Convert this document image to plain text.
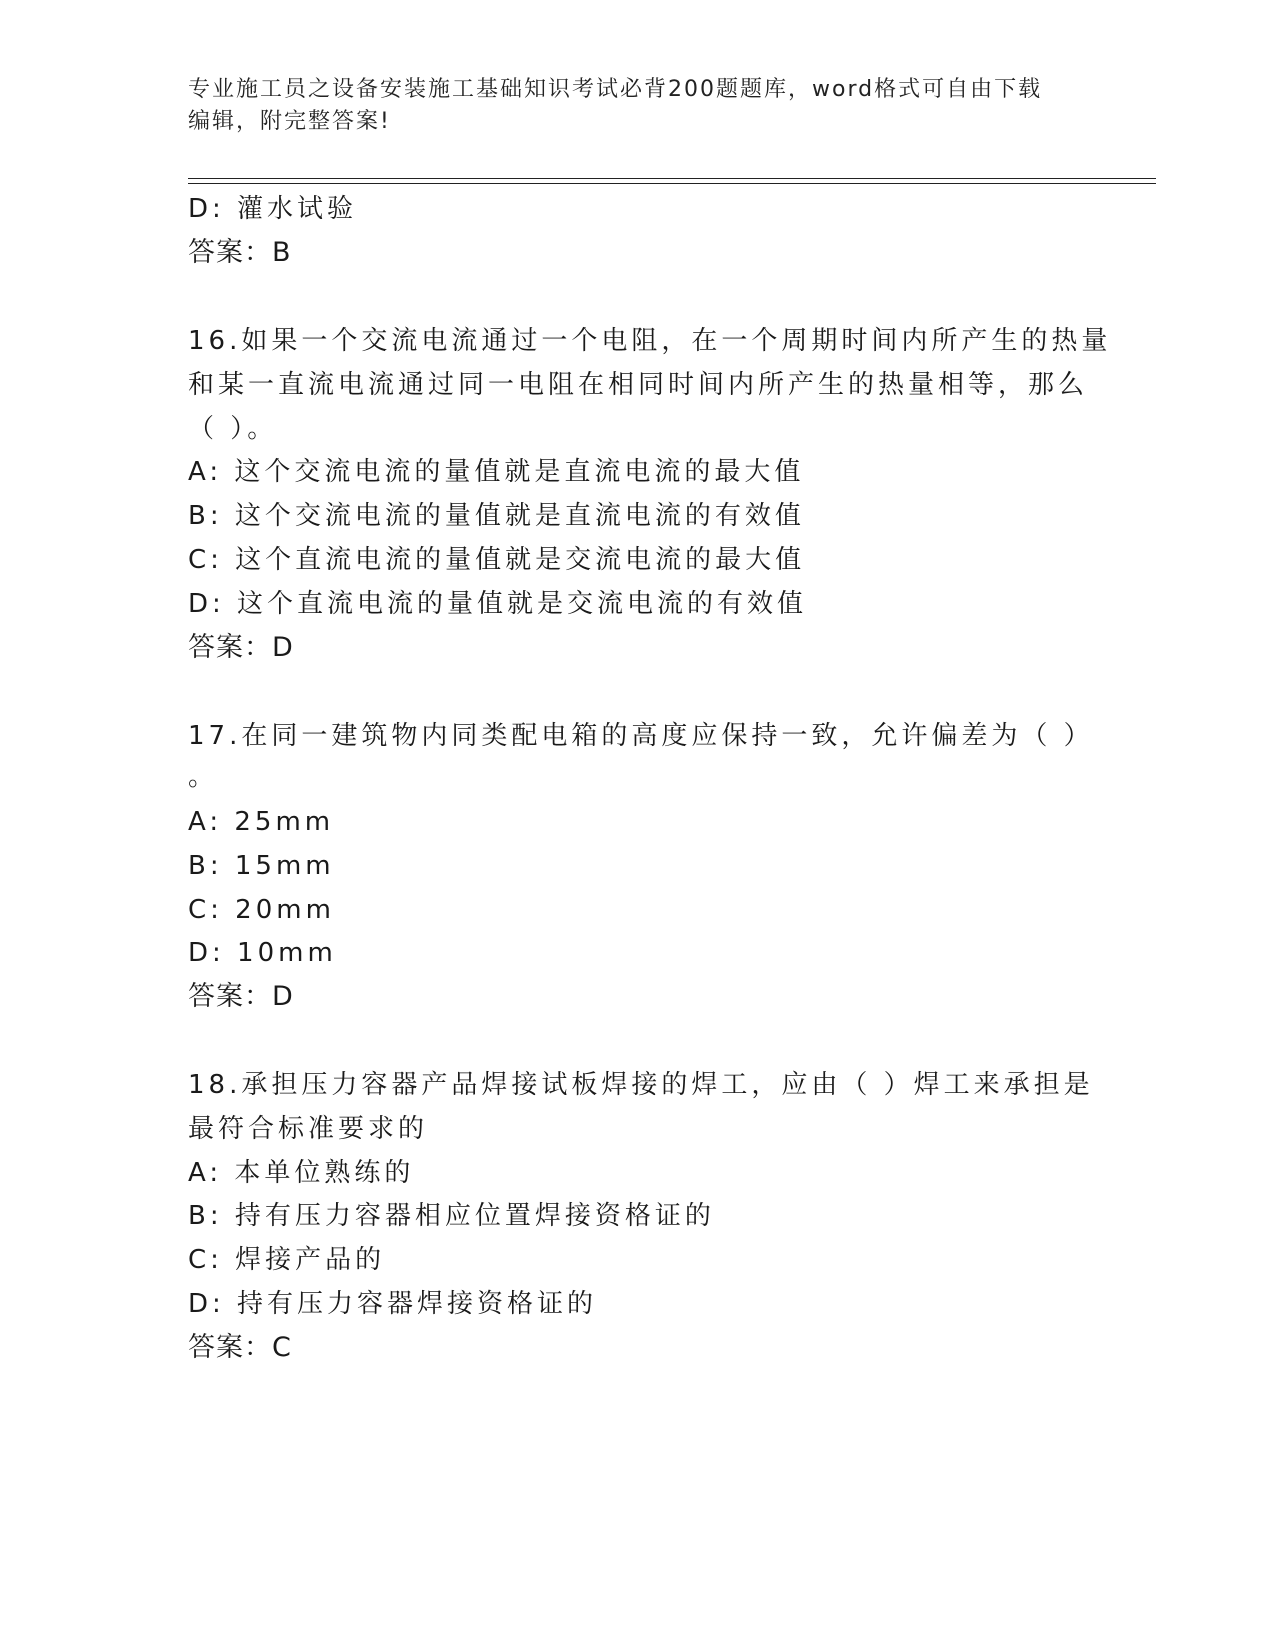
专业施工员之设备安装施工基础知识考试必背200题题库，word格式可自由下载
编辑，附完整答案!
D: 灌水试验
答案：B
16.如果一个交流电流通过一个电阻，在一个周期时间内所产生的热量
和某一直流电流通过同一电阻在相同时间内所产生的热量相等，那么
（ ）。
A: 这个交流电流的量值就是直流电流的最大值
B: 这个交流电流的量值就是直流电流的有效值
C: 这个直流电流的量值就是交流电流的最大值
D: 这个直流电流的量值就是交流电流的有效值
答案：D
17.在同一建筑物内同类配电箱的高度应保持一致，允许偏差为（ ）
。
A: 25mm
B: 15mm
C: 20mm
D: 10mm
答案：D
18.承担压力容器产品焊接试板焊接的焊工，应由（ ）焊工来承担是
最符合标准要求的
A: 本单位熟练的
B: 持有压力容器相应位置焊接资格证的
C: 焊接产品的
D: 持有压力容器焊接资格证的
答案：C
